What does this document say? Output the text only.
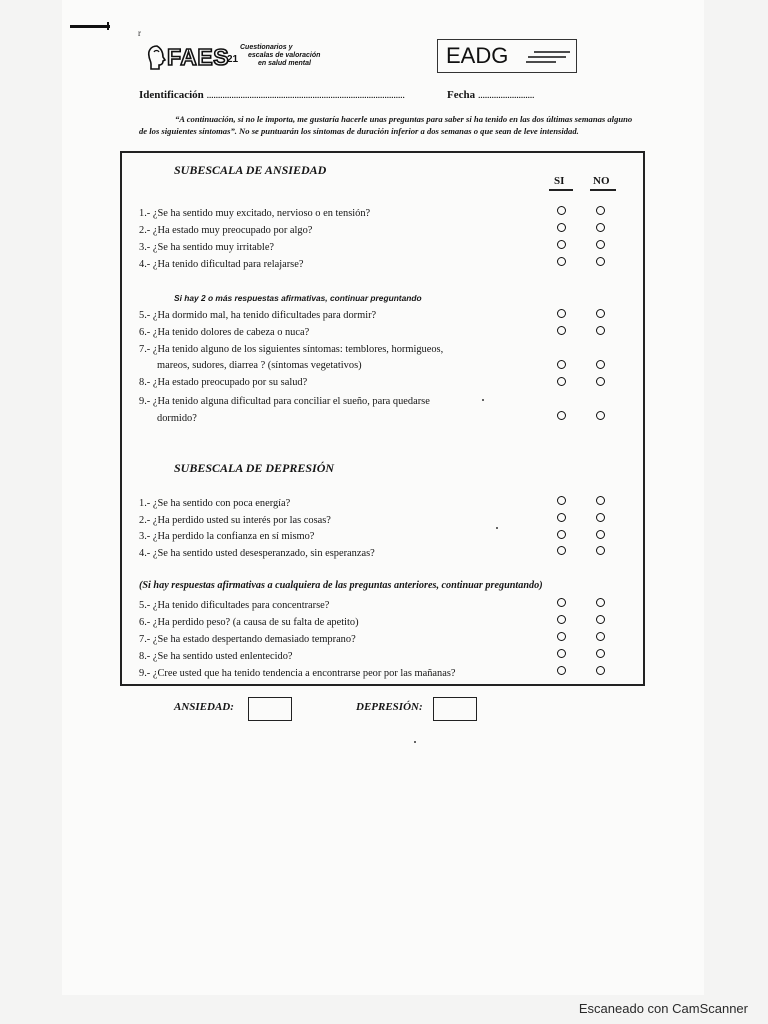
r
FAES
21
Cuestionarios y
escalas de valoración
en salud mental	EADG
Identificación ........................................................................................	Fecha .........................
“A continuación, si no le importa, me gustaría hacerle unas preguntas para saber si ha tenido en las dos últimas semanas alguno de los siguientes síntomas”. No se puntuarán los síntomas de duración inferior a dos semanas o que sean de leve intensidad.
SUBESCALA DE ANSIEDAD
SI	NO
1.- ¿Se ha sentido muy excitado, nervioso o en tensión?
2.- ¿Ha estado muy preocupado por algo?
3.- ¿Se ha sentido muy irritable?
4.- ¿Ha tenido dificultad para relajarse?
Si hay 2 o más respuestas afirmativas, continuar preguntando
5.- ¿Ha dormido mal, ha tenido dificultades para dormir?
6.- ¿Ha tenido dolores de cabeza o nuca?
7.- ¿Ha tenido alguno de los siguientes síntomas: temblores, hormigueos,
mareos, sudores, diarrea ? (síntomas vegetativos)
8.- ¿Ha estado preocupado por su salud?
9.- ¿Ha tenido alguna dificultad para conciliar el sueño, para quedarse
dormido?
SUBESCALA DE DEPRESIÓN
1.- ¿Se ha sentido con poca energía?
2.- ¿Ha perdido usted su interés por las cosas?
3.- ¿Ha perdido la confianza en sí mismo?
4.- ¿Se ha sentido usted desesperanzado, sin esperanzas?
(Si hay respuestas afirmativas a cualquiera de las preguntas anteriores, continuar preguntando)
5.- ¿Ha tenido dificultades para concentrarse?
6.- ¿Ha perdido peso? (a causa de su falta de apetito)
7.- ¿Se ha estado despertando demasiado temprano?
8.- ¿Se ha sentido usted enlentecido?
9.- ¿Cree usted que ha tenido tendencia a encontrarse peor por las mañanas?
ANSIEDAD:	DEPRESIÓN:
Escaneado con CamScanner
